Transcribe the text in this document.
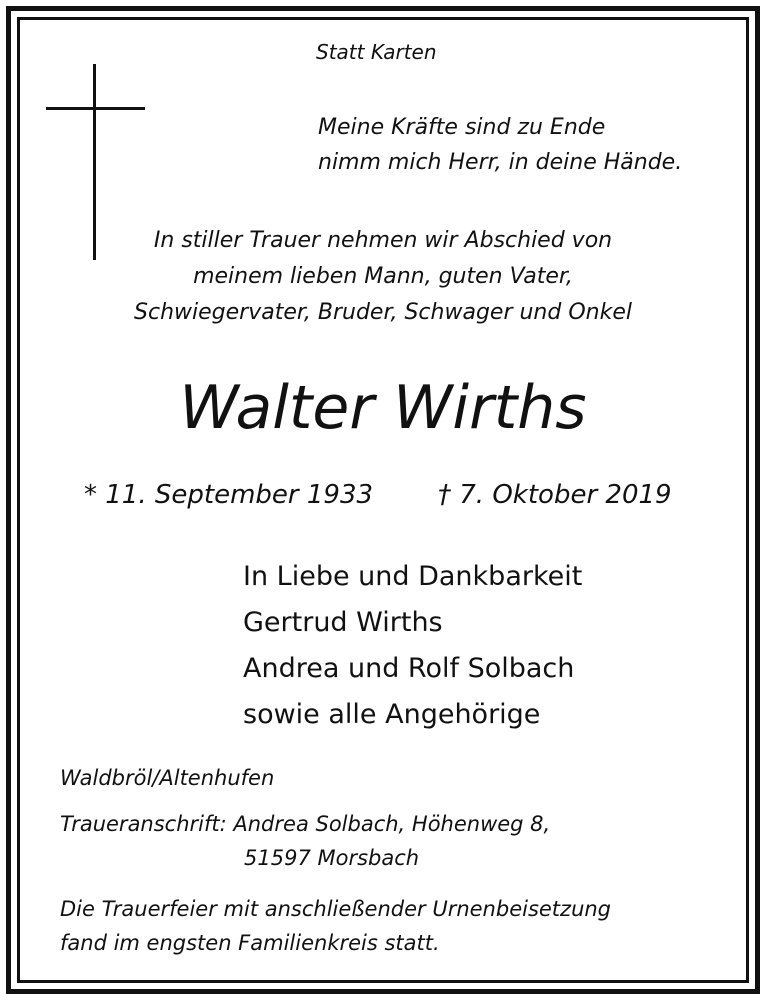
Statt Karten

Meine Kräfte sind zu Ende
nimm mich Herr, in deine Hände.
In stiller Trauer nehmen wir Abschied von
meinem lieben Mann, guten Vater,
Schwiegervater, Bruder, Schwager und Onkel
Walter Wirths

* 11. September 1933 † 7. Oktober 2019

In Liebe und Dankbarkeit
Gertrud Wirths
Andrea und Rolf Solbach
sowie alle Angehörige

Waldbröl/Altenhufen

Traueranschrift: Andrea Solbach, Höhenweg 8,

51597 Morsbach

Die Trauerfeier mit anschließender Urnenbeisetzung
fand im engsten Familienkreis statt.
